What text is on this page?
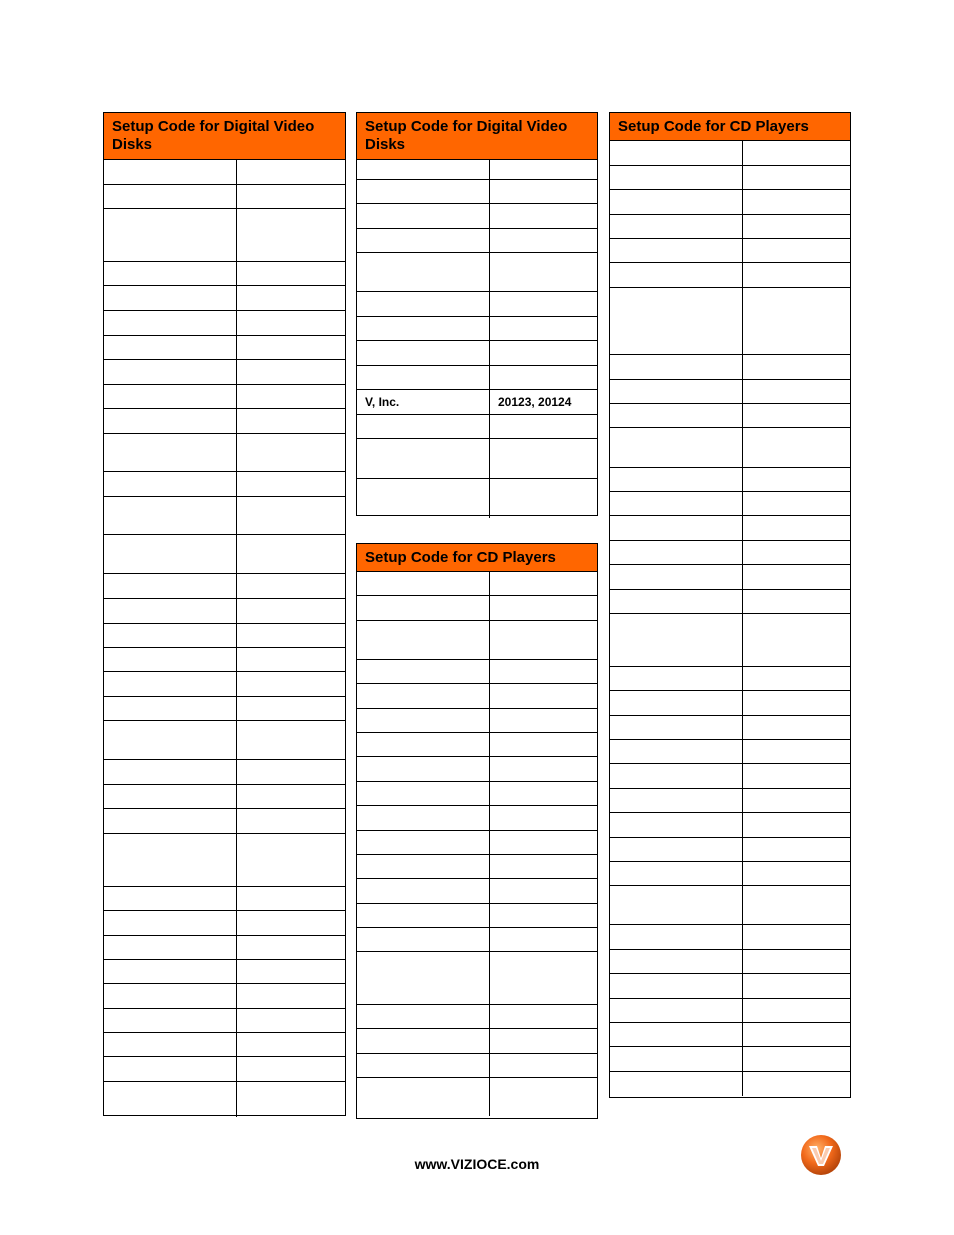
Setup Code for Digital Video Disks
Setup Code for Digital Video Disks
V, Inc.	20123, 20124
Setup Code for CD Players
Setup Code for CD Players
www.VIZIOCE.com
